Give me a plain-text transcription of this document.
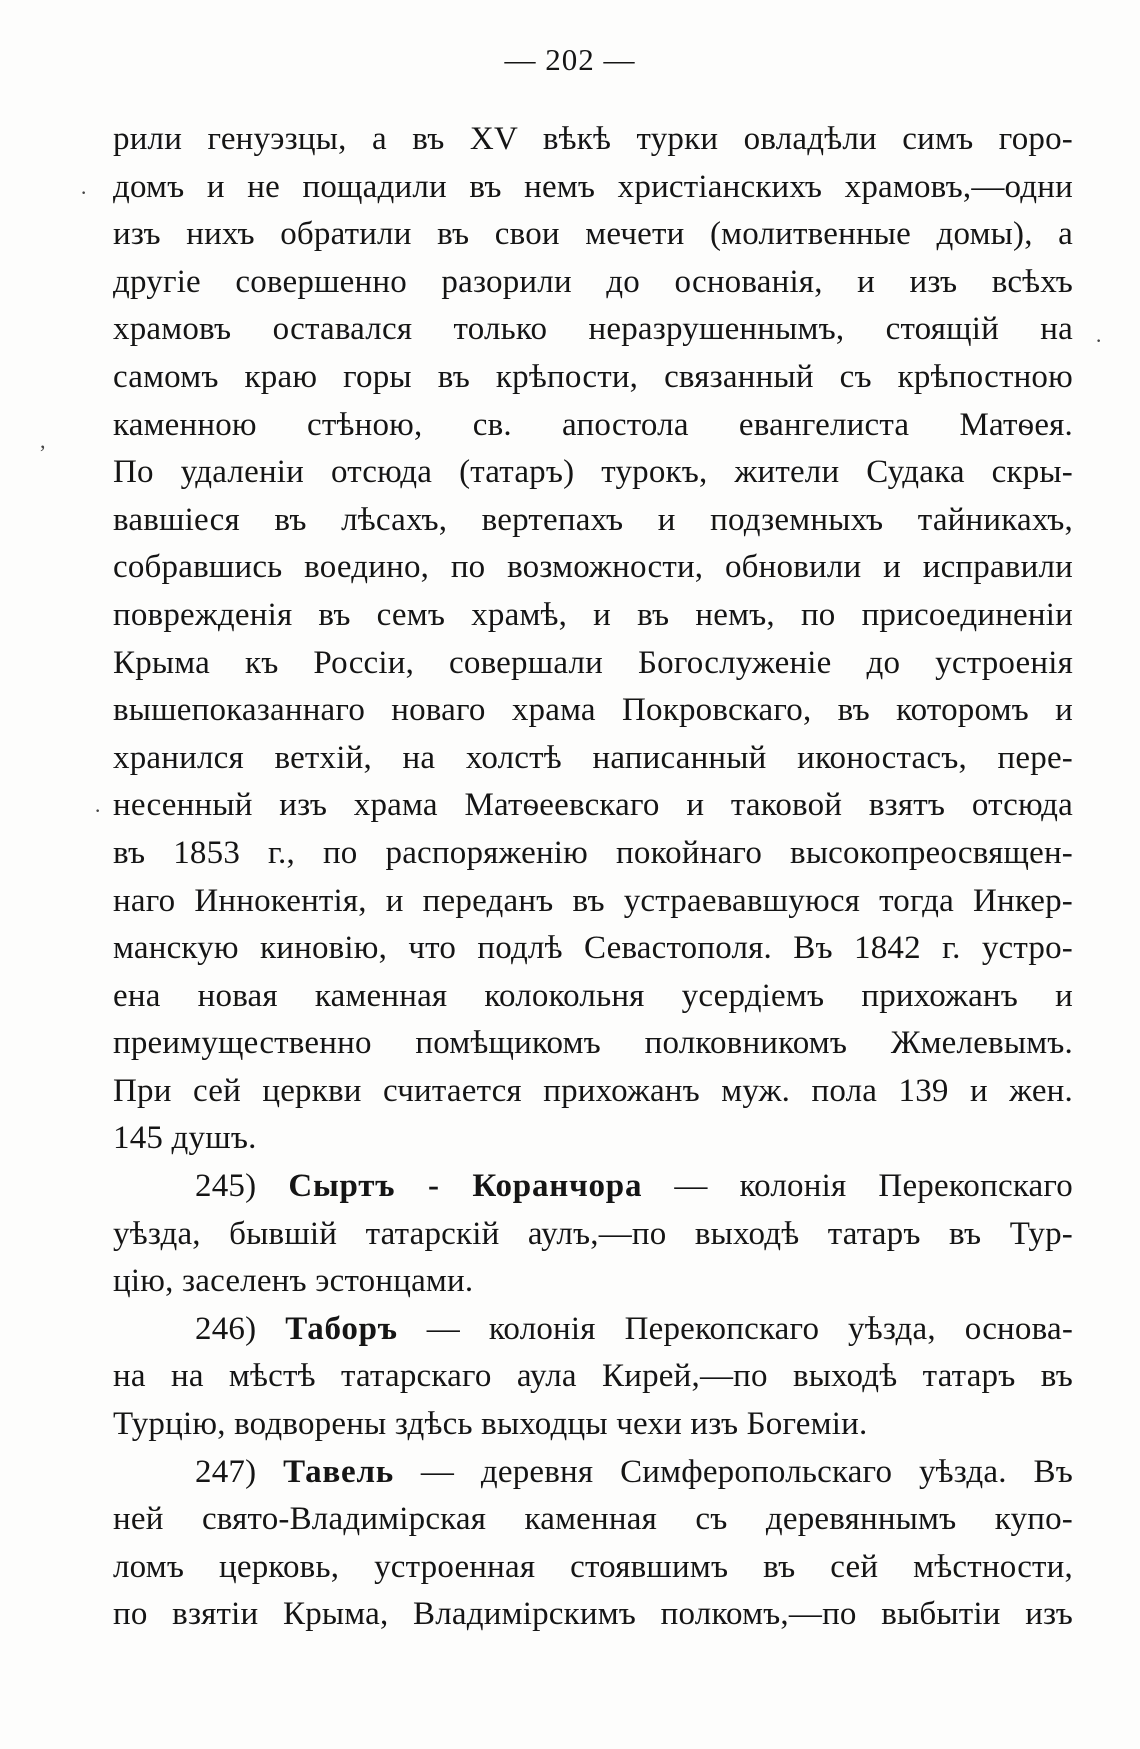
— 202 —
·
·
,
·
рили генуэзцы, а въ XV вѣкѣ турки овладѣли симъ горо-
домъ и не пощадили въ немъ христіанскихъ храмовъ,—одни
изъ нихъ обратили въ свои мечети (молитвенные домы), а
другіе совершенно разорили до основанія, и изъ всѣхъ
храмовъ оставался только неразрушеннымъ, стоящій на
самомъ краю горы въ крѣпости, связанный съ крѣпостною
каменною стѣною, св. апостола евангелиста Матѳея.
По удаленіи отсюда (татаръ) турокъ, жители Судака скры-
вавшіеся въ лѣсахъ, вертепахъ и подземныхъ тайникахъ,
собравшись воедино, по возможности, обновили и исправили
поврежденія въ семъ храмѣ, и въ немъ, по присоединеніи
Крыма къ Россіи, совершали Богослуженіе до устроенія
вышепоказаннаго новаго храма Покровскаго, въ которомъ и
хранился ветхій, на холстѣ написанный иконостасъ, пере-
несенный изъ храма Матѳеевскаго и таковой взятъ отсюда
въ 1853 г., по распоряженію покойнаго высокопреосвящен-
наго Иннокентія, и переданъ въ устраевавшуюся тогда Инкер-
манскую киновію, что подлѣ Севастополя. Въ 1842 г. устро-
ена новая каменная колокольня усердіемъ прихожанъ и
преимущественно помѣщикомъ полковникомъ Жмелевымъ.
При сей церкви считается прихожанъ муж. пола 139 и жен.
145 душъ.
245) Сыртъ - Коранчора — колонія Перекопскаго
уѣзда, бывшій татарскій аулъ,—по выходѣ татаръ въ Тур-
цію, заселенъ эстонцами.
246) Таборъ — колонія Перекопскаго уѣзда, основа-
на на мѣстѣ татарскаго аула Кирей,—по выходѣ татаръ въ
Турцію, водворены здѣсь выходцы чехи изъ Богеміи.
247) Тавель — деревня Симферопольскаго уѣзда. Въ
ней свято-Владимірская каменная съ деревяннымъ купо-
ломъ церковь, устроенная стоявшимъ въ сей мѣстности,
по взятіи Крыма, Владимірскимъ полкомъ,—по выбытіи изъ
